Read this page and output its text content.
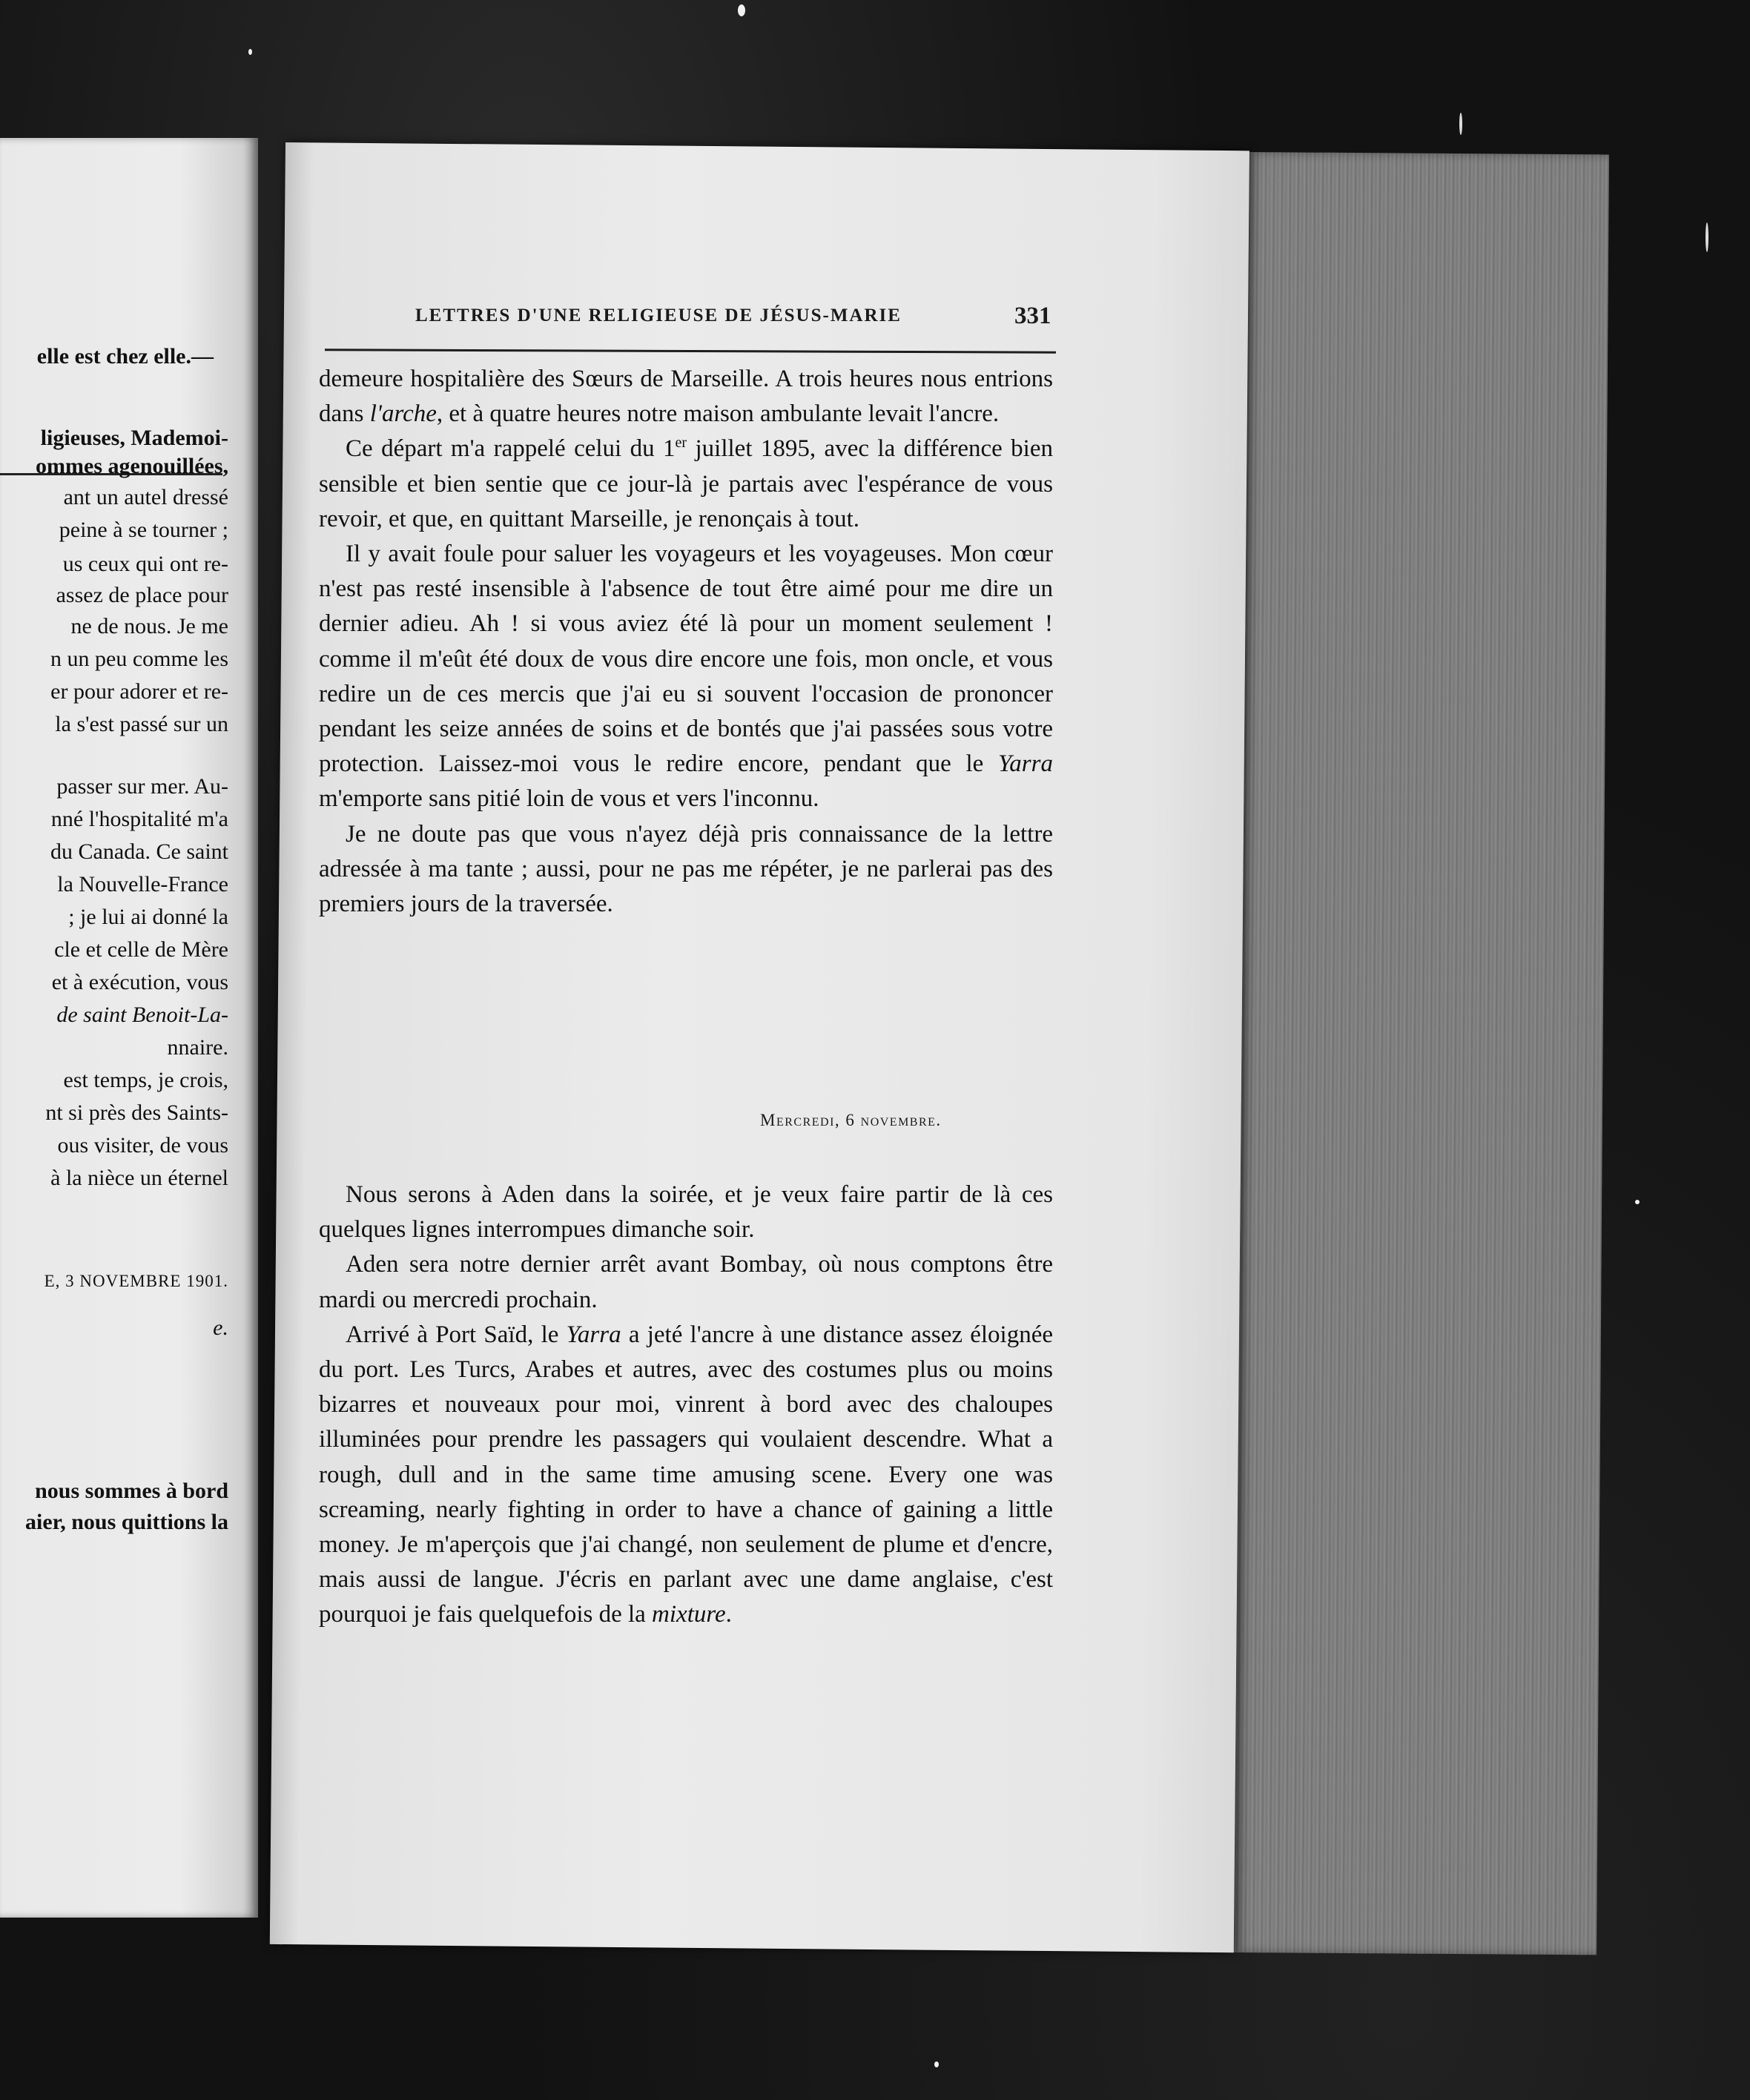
elle est chez elle.—
ligieuses, Mademoi-
ommes agenouillées,
ant un autel dressé
peine à se tourner ;
us ceux qui ont re-
assez de place pour
ne de nous. Je me
n un peu comme les
er pour adorer et re-
la s'est passé sur un
passer sur mer. Au-
nné l'hospitalité m'a
du Canada. Ce saint
la Nouvelle-France
; je lui ai donné la
cle et celle de Mère
et à exécution, vous
de saint Benoit-La-
nnaire.
est temps, je crois,
nt si près des Saints-
ous visiter, de vous
à la nièce un éternel
E, 3 NOVEMBRE 1901.
e.
nous sommes à bord
aier, nous quittions la
LETTRES D'UNE RELIGIEUSE DE JÉSUS-MARIE	331

demeure hospitalière des Sœurs de Marseille. A trois heures nous entrions dans l'arche, et à quatre heures notre maison ambulante levait l'ancre.

Ce départ m'a rappelé celui du 1er juillet 1895, avec la différence bien sensible et bien sentie que ce jour-là je partais avec l'espérance de vous revoir, et que, en quittant Marseille, je renonçais à tout.

Il y avait foule pour saluer les voyageurs et les voyageuses. Mon cœur n'est pas resté insensible à l'absence de tout être aimé pour me dire un dernier adieu. Ah ! si vous aviez été là pour un moment seulement ! comme il m'eût été doux de vous dire encore une fois, mon oncle, et vous redire un de ces mercis que j'ai eu si souvent l'occasion de prononcer pendant les seize années de soins et de bontés que j'ai passées sous votre protection. Laissez-moi vous le redire encore, pendant que le Yarra m'emporte sans pitié loin de vous et vers l'inconnu.

Je ne doute pas que vous n'ayez déjà pris connaissance de la lettre adressée à ma tante ; aussi, pour ne pas me répéter, je ne parlerai pas des premiers jours de la traversée.

Mercredi, 6 novembre.

Nous serons à Aden dans la soirée, et je veux faire partir de là ces quelques lignes interrompues dimanche soir.

Aden sera notre dernier arrêt avant Bombay, où nous comptons être mardi ou mercredi prochain.

Arrivé à Port Saïd, le Yarra a jeté l'ancre à une distance assez éloignée du port. Les Turcs, Arabes et autres, avec des costumes plus ou moins bizarres et nouveaux pour moi, vinrent à bord avec des chaloupes illuminées pour prendre les passagers qui voulaient descendre. What a rough, dull and in the same time amusing scene. Every one was screaming, nearly fighting in order to have a chance of gaining a little money. Je m'aperçois que j'ai changé, non seulement de plume et d'encre, mais aussi de langue. J'écris en parlant avec une dame anglaise, c'est pourquoi je fais quelquefois de la mixture.
